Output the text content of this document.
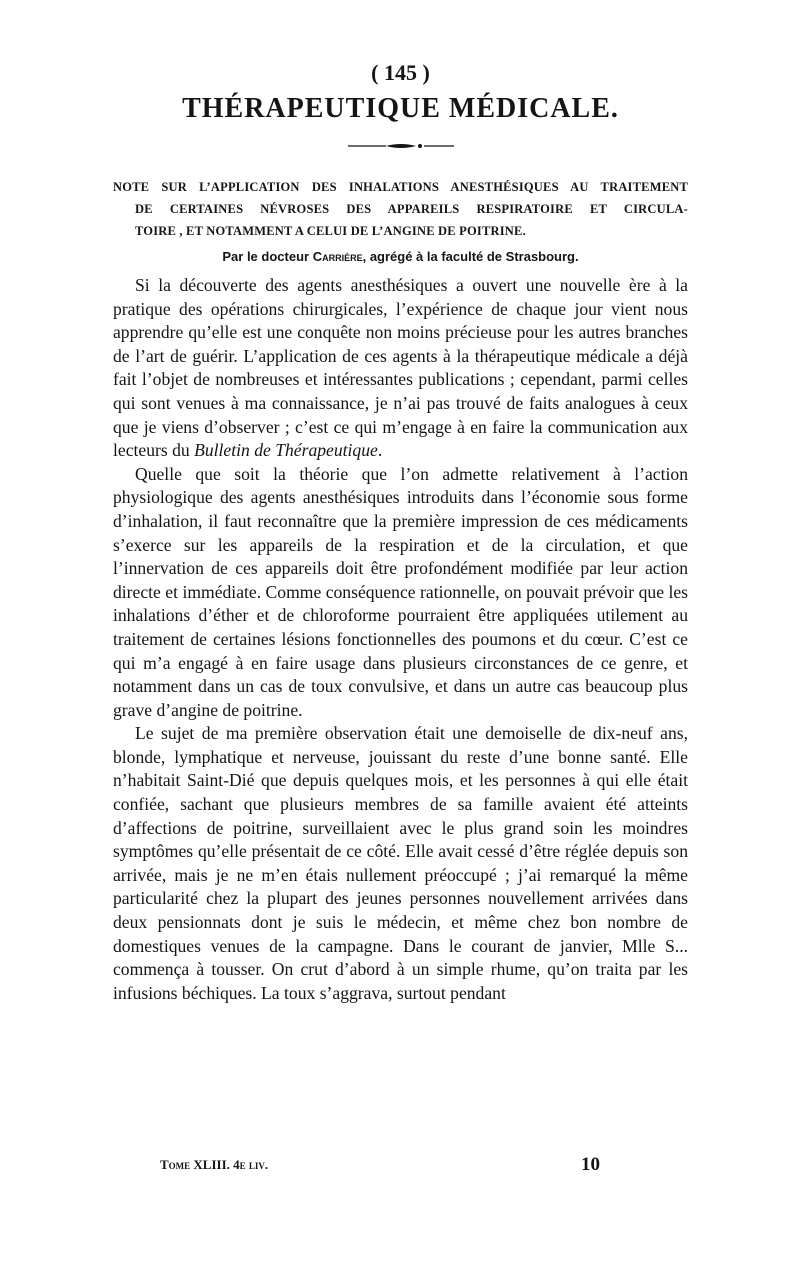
( 145 )
THÉRAPEUTIQUE MÉDICALE.
NOTE SUR L’APPLICATION DES INHALATIONS ANESTHÉSIQUES AU TRAITEMENT
DE CERTAINES NÉVROSES DES APPAREILS RESPIRATOIRE ET CIRCULA-
TOIRE , ET NOTAMMENT A CELUI DE L’ANGINE DE POITRINE.
Par le docteur Carrière, agrégé à la faculté de Strasbourg.

Si la découverte des agents anesthésiques a ouvert une nouvelle ère à la pratique des opérations chirurgicales, l’expérience de chaque jour vient nous apprendre qu’elle est une conquête non moins précieuse pour les autres branches de l’art de guérir. L’application de ces agents à la thérapeutique médicale a déjà fait l’objet de nombreuses et intéressantes publications ; cependant, parmi celles qui sont venues à ma connaissance, je n’ai pas trouvé de faits analogues à ceux que je viens d’observer ; c’est ce qui m’engage à en faire la communication aux lecteurs du Bulletin de Thérapeutique.

Quelle que soit la théorie que l’on admette relativement à l’action physiologique des agents anesthésiques introduits dans l’économie sous forme d’inhalation, il faut reconnaître que la première impression de ces médicaments s’exerce sur les appareils de la respiration et de la circulation, et que l’innervation de ces appareils doit être profondément modifiée par leur action directe et immédiate. Comme conséquence rationnelle, on pouvait prévoir que les inhalations d’éther et de chloroforme pourraient être appliquées utilement au traitement de certaines lésions fonctionnelles des poumons et du cœur. C’est ce qui m’a engagé à en faire usage dans plusieurs circonstances de ce genre, et notamment dans un cas de toux convulsive, et dans un autre cas beaucoup plus grave d’angine de poitrine.

Le sujet de ma première observation était une demoiselle de dix-neuf ans, blonde, lymphatique et nerveuse, jouissant du reste d’une bonne santé. Elle n’habitait Saint-Dié que depuis quelques mois, et les personnes à qui elle était confiée, sachant que plusieurs membres de sa famille avaient été atteints d’affections de poitrine, surveillaient avec le plus grand soin les moindres symptômes qu’elle présentait de ce côté. Elle avait cessé d’être réglée depuis son arrivée, mais je ne m’en étais nullement préoccupé ; j’ai remarqué la même particularité chez la plupart des jeunes personnes nouvellement arrivées dans deux pensionnats dont je suis le médecin, et même chez bon nombre de domestiques venues de la campagne. Dans le courant de janvier, Mlle S... commença à tousser. On crut d’abord à un simple rhume, qu’on traita par les infusions béchiques. La toux s’aggrava, surtout pendant

Tome XLIII. 4e liv.	10
